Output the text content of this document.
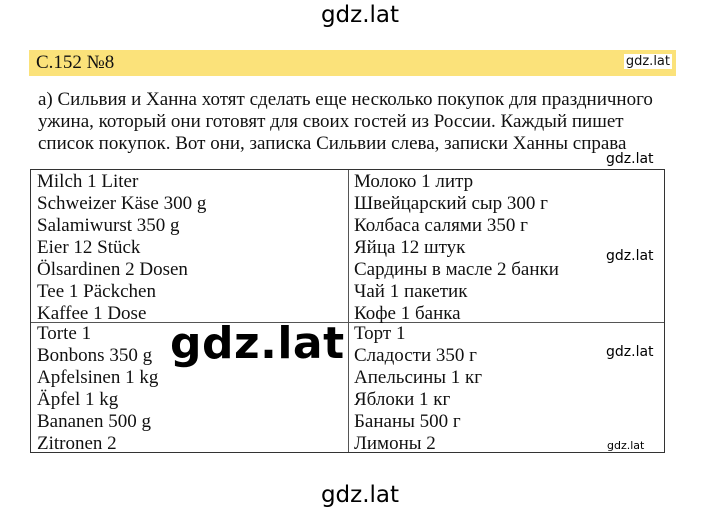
gdz.lat
С.152 №8	gdz.lat
а) Сильвия и Ханна хотят сделать еще несколько покупок для праздничного ужина, который они готовят для своих гостей из России. Каждый пишет список покупок. Вот они, записка Сильвии слева, записки Ханны справа
Milch 1 Liter
Schweizer Käse 300 g
Salamiwurst 350 g
Eier 12 Stück
Ölsardinen 2 Dosen
Tee 1 Päckchen
Kaffee 1 Dose
Молоко 1 литр
Швейцарский сыр 300 г
Колбаса салями 350 г
Яйца 12 штук
Сардины в масле 2 банки
Чай 1 пакетик
Кофе 1 банка
Torte 1
Bonbons 350 g
Apfelsinen 1 kg
Äpfel 1 kg
Bananen 500 g
Zitronen 2
Торт 1
Сладости 350 г
Апельсины 1 кг
Яблоки 1 кг
Бананы 500 г
Лимоны 2
gdz.lat
gdz.lat
gdz.lat
gdz.lat
gdz.lat
gdz.lat
